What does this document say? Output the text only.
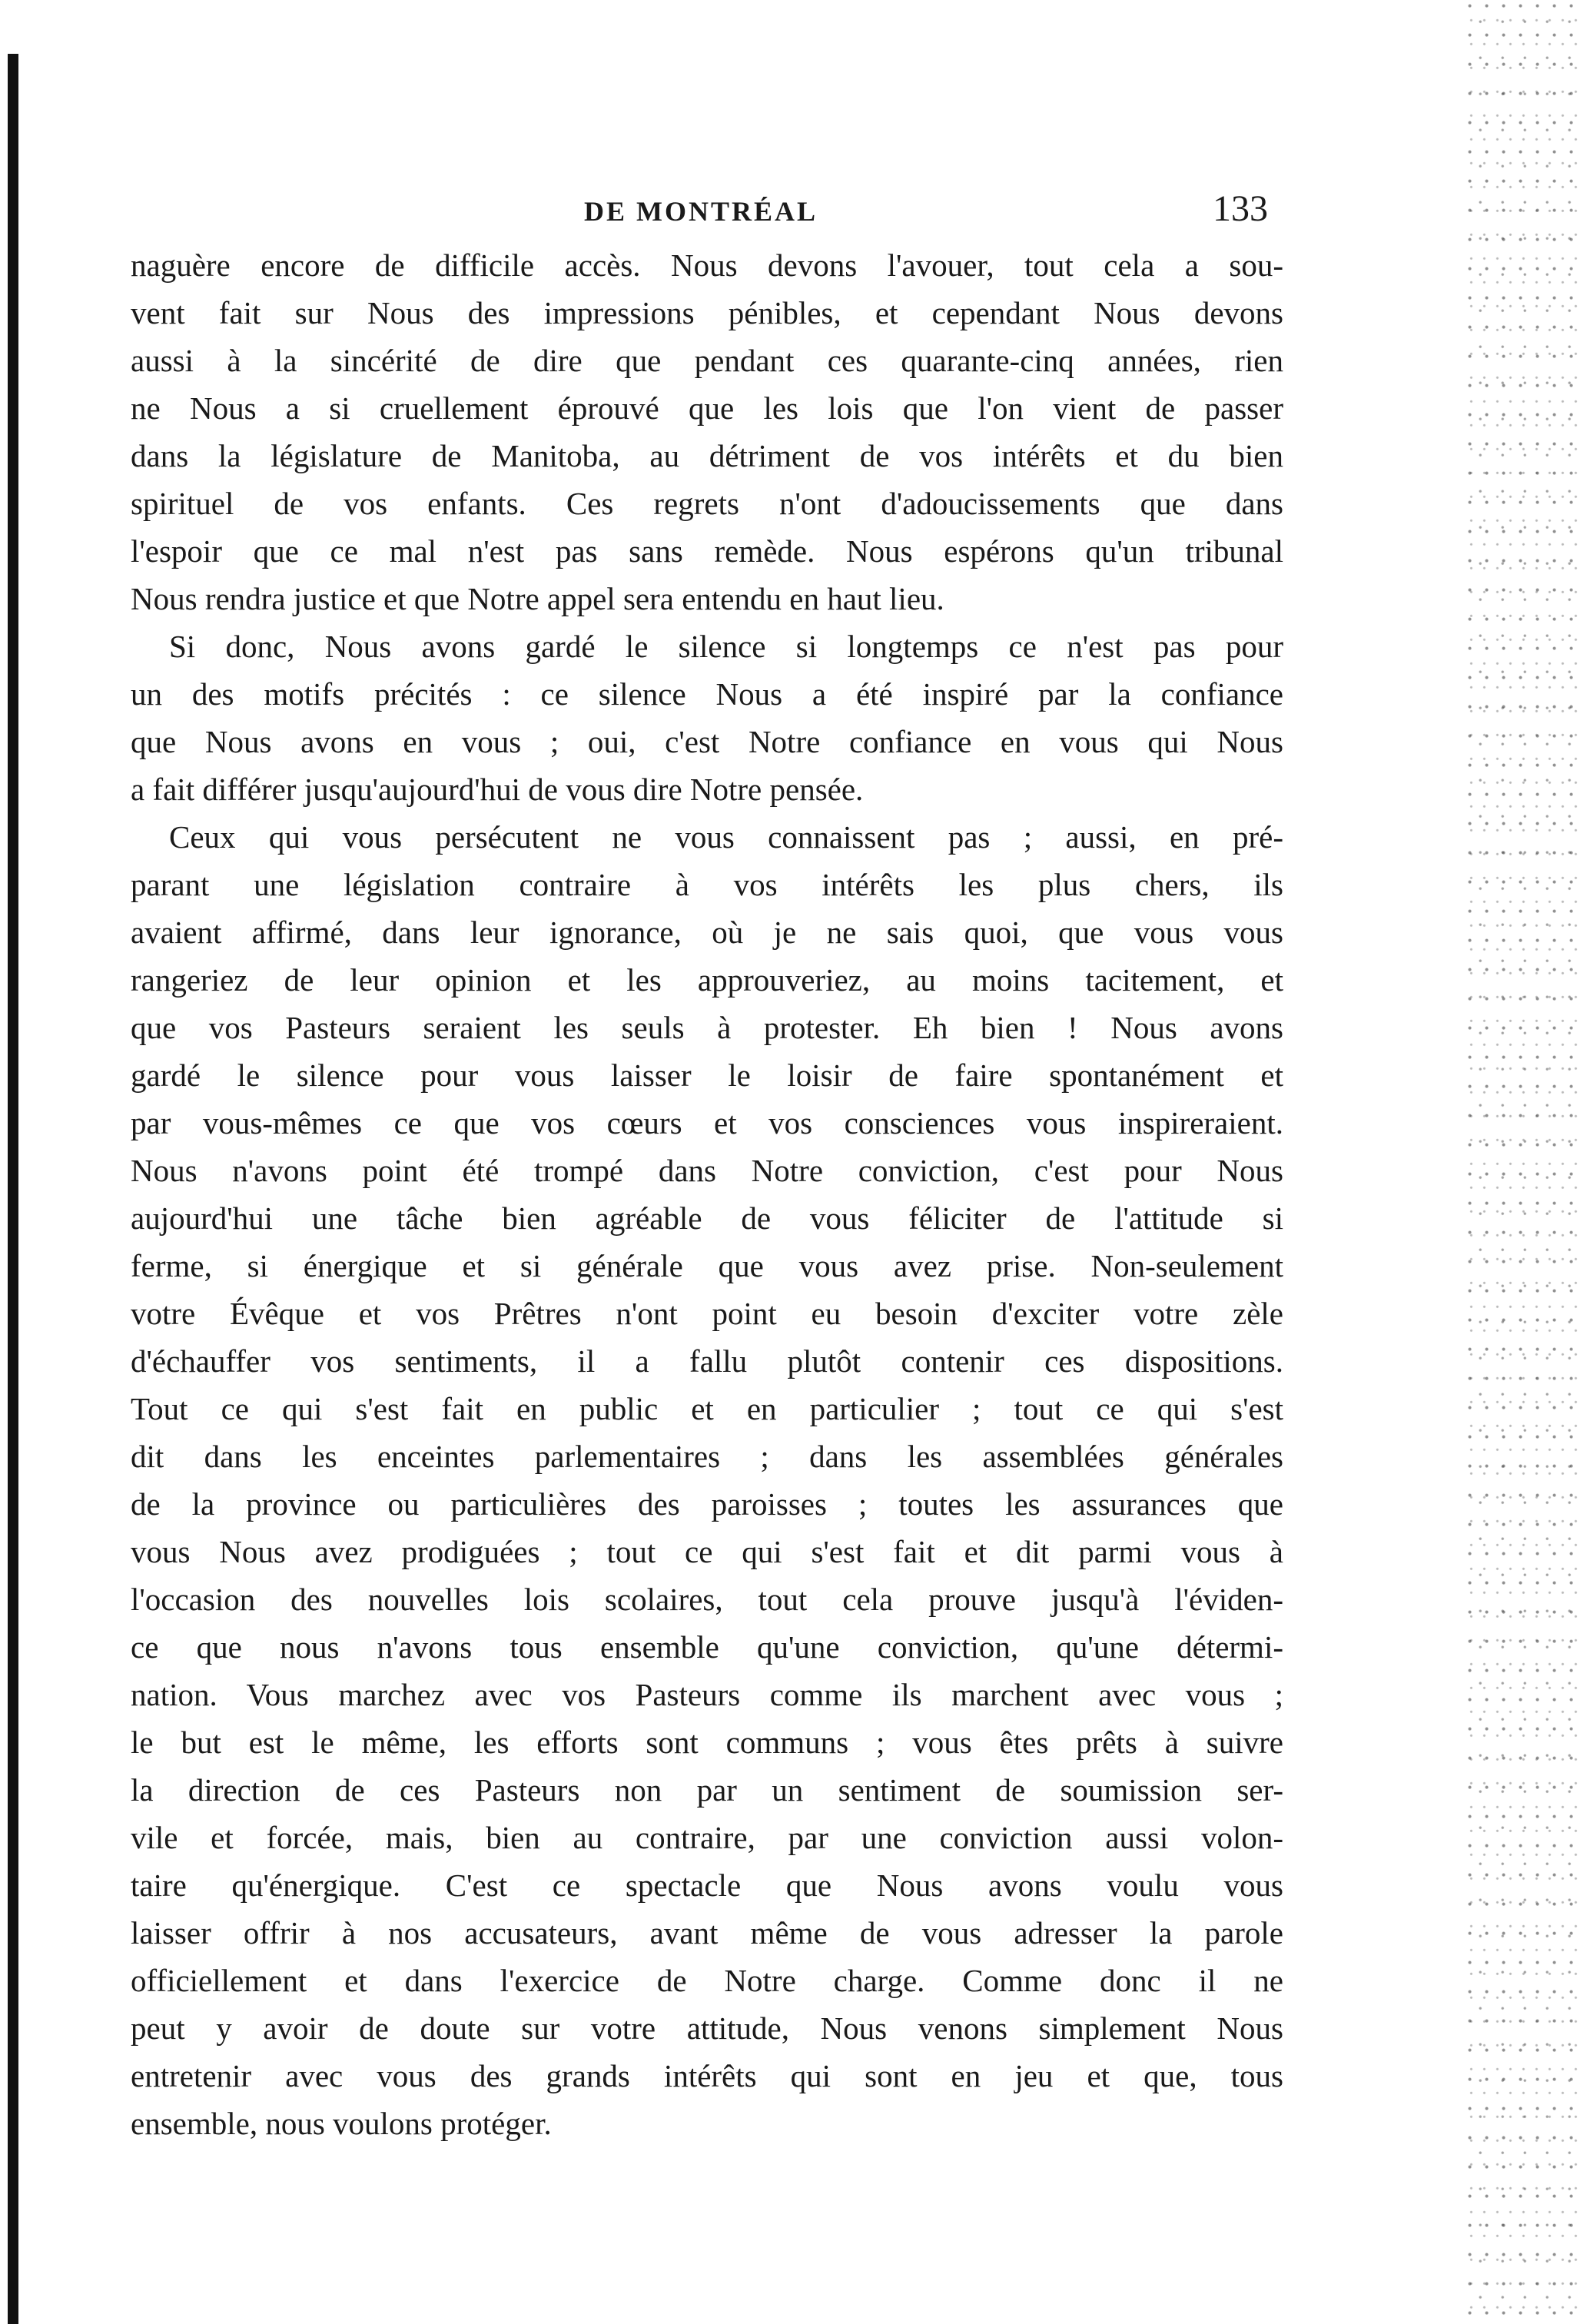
DE MONTRÉAL	133
naguère encore de difficile accès. Nous devons l'avouer, tout cela a sou-
vent fait sur Nous des impressions pénibles, et cependant Nous devons
aussi à la sincérité de dire que pendant ces quarante-cinq années, rien
ne Nous a si cruellement éprouvé que les lois que l'on vient de passer
dans la législature de Manitoba, au détriment de vos intérêts et du bien
spirituel de vos enfants. Ces regrets n'ont d'adoucissements que dans
l'espoir que ce mal n'est pas sans remède. Nous espérons qu'un tribunal
Nous rendra justice et que Notre appel sera entendu en haut lieu.
Si donc, Nous avons gardé le silence si longtemps ce n'est pas pour
un des motifs précités : ce silence Nous a été inspiré par la confiance
que Nous avons en vous ; oui, c'est Notre confiance en vous qui Nous
a fait différer jusqu'aujourd'hui de vous dire Notre pensée.
Ceux qui vous persécutent ne vous connaissent pas ; aussi, en pré-
parant une législation contraire à vos intérêts les plus chers, ils
avaient affirmé, dans leur ignorance, où je ne sais quoi, que vous vous
rangeriez de leur opinion et les approuveriez, au moins tacitement, et
que vos Pasteurs seraient les seuls à protester. Eh bien ! Nous avons
gardé le silence pour vous laisser le loisir de faire spontanément et
par vous-mêmes ce que vos cœurs et vos consciences vous inspireraient.
Nous n'avons point été trompé dans Notre conviction, c'est pour Nous
aujourd'hui une tâche bien agréable de vous féliciter de l'attitude si
ferme, si énergique et si générale que vous avez prise. Non-seulement
votre Évêque et vos Prêtres n'ont point eu besoin d'exciter votre zèle
d'échauffer vos sentiments, il a fallu plutôt contenir ces dispositions.
Tout ce qui s'est fait en public et en particulier ; tout ce qui s'est
dit dans les enceintes parlementaires ; dans les assemblées générales
de la province ou particulières des paroisses ; toutes les assurances que
vous Nous avez prodiguées ; tout ce qui s'est fait et dit parmi vous à
l'occasion des nouvelles lois scolaires, tout cela prouve jusqu'à l'éviden-
ce que nous n'avons tous ensemble qu'une conviction, qu'une détermi-
nation. Vous marchez avec vos Pasteurs comme ils marchent avec vous ;
le but est le même, les efforts sont communs ; vous êtes prêts à suivre
la direction de ces Pasteurs non par un sentiment de soumission ser-
vile et forcée, mais, bien au contraire, par une conviction aussi volon-
taire qu'énergique. C'est ce spectacle que Nous avons voulu vous
laisser offrir à nos accusateurs, avant même de vous adresser la parole
officiellement et dans l'exercice de Notre charge. Comme donc il ne
peut y avoir de doute sur votre attitude, Nous venons simplement Nous
entretenir avec vous des grands intérêts qui sont en jeu et que, tous
ensemble, nous voulons protéger.
